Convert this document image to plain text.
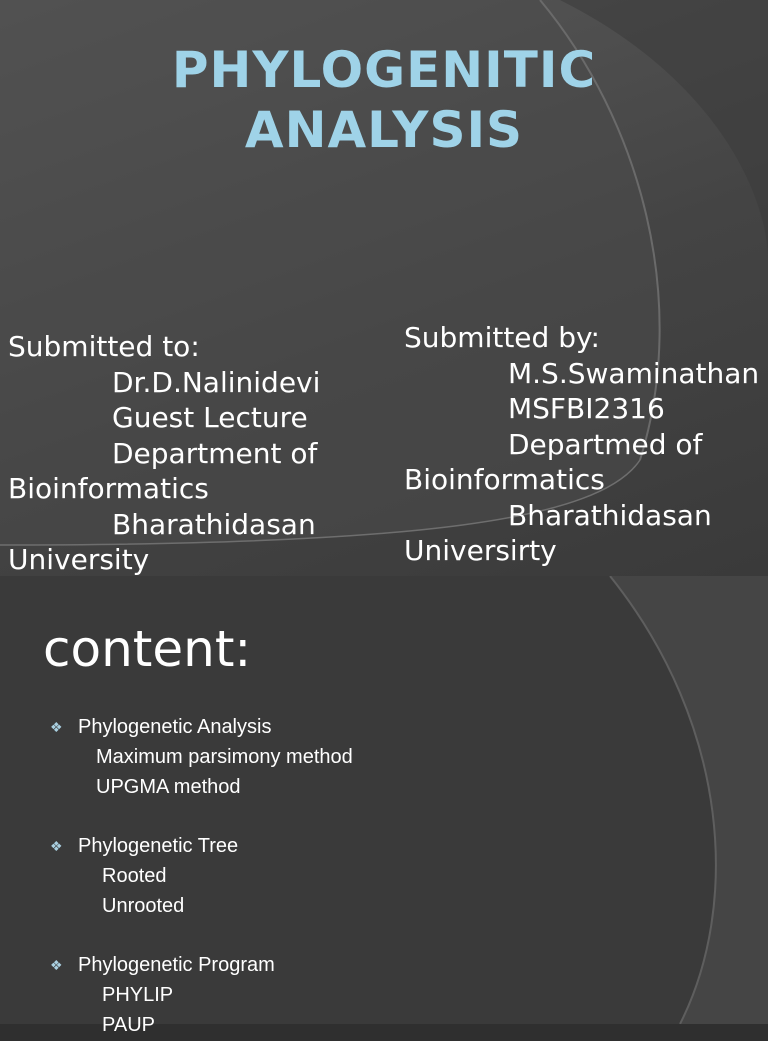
PHYLOGENITIC
ANALYSIS
Submitted to:
Dr.D.Nalinidevi
Guest Lecture
Department of
Bioinformatics
Bharathidasan
University
Submitted by:
M.S.Swaminathan
MSFBI2316
Departmed of
Bioinformatics
Bharathidasan
Universirty
content:
❖ Phylogenetic Analysis
Maximum parsimony method
UPGMA method
❖ Phylogenetic Tree
Rooted
Unrooted
❖ Phylogenetic Program
PHYLIP
PAUP
